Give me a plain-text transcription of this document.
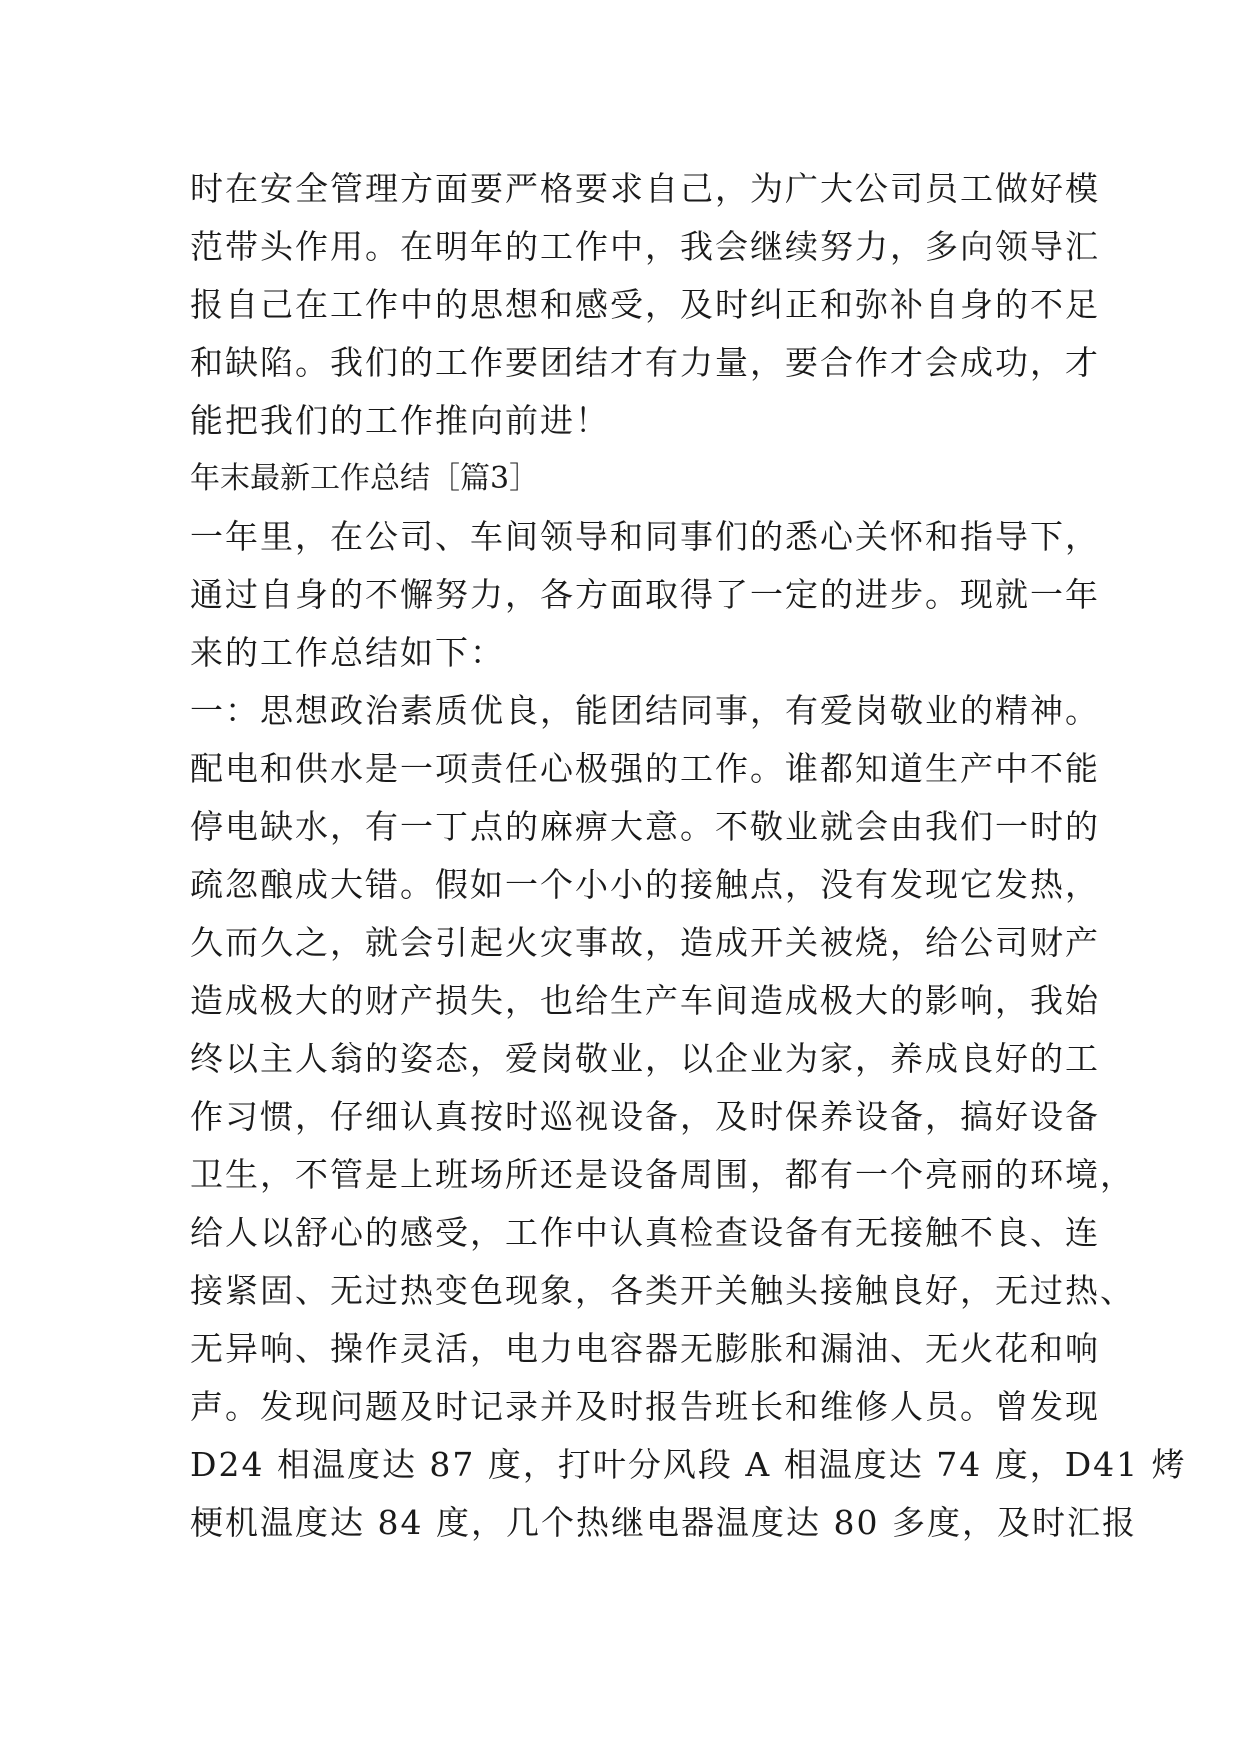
时在安全管理方面要严格要求自己，为广大公司员工做好模
范带头作用。在明年的工作中，我会继续努力，多向领导汇
报自己在工作中的思想和感受，及时纠正和弥补自身的不足
和缺陷。我们的工作要团结才有力量，要合作才会成功，才
能把我们的工作推向前进！
年末最新工作总结［篇3］
一年里，在公司、车间领导和同事们的悉心关怀和指导下，
通过自身的不懈努力，各方面取得了一定的进步。现就一年
来的工作总结如下：
一：思想政治素质优良，能团结同事，有爱岗敬业的精神。
配电和供水是一项责任心极强的工作。谁都知道生产中不能
停电缺水，有一丁点的麻痹大意。不敬业就会由我们一时的
疏忽酿成大错。假如一个小小的接触点，没有发现它发热，
久而久之，就会引起火灾事故，造成开关被烧，给公司财产
造成极大的财产损失，也给生产车间造成极大的影响，我始
终以主人翁的姿态，爱岗敬业，以企业为家，养成良好的工
作习惯，仔细认真按时巡视设备，及时保养设备，搞好设备
卫生，不管是上班场所还是设备周围，都有一个亮丽的环境，
给人以舒心的感受，工作中认真检查设备有无接触不良、连
接紧固、无过热变色现象，各类开关触头接触良好，无过热、
无异响、操作灵活，电力电容器无膨胀和漏油、无火花和响
声。发现问题及时记录并及时报告班长和维修人员。曾发现
D24 相温度达 87 度，打叶分风段 A 相温度达 74 度，D41 烤
梗机温度达 84 度，几个热继电器温度达 80 多度，及时汇报
